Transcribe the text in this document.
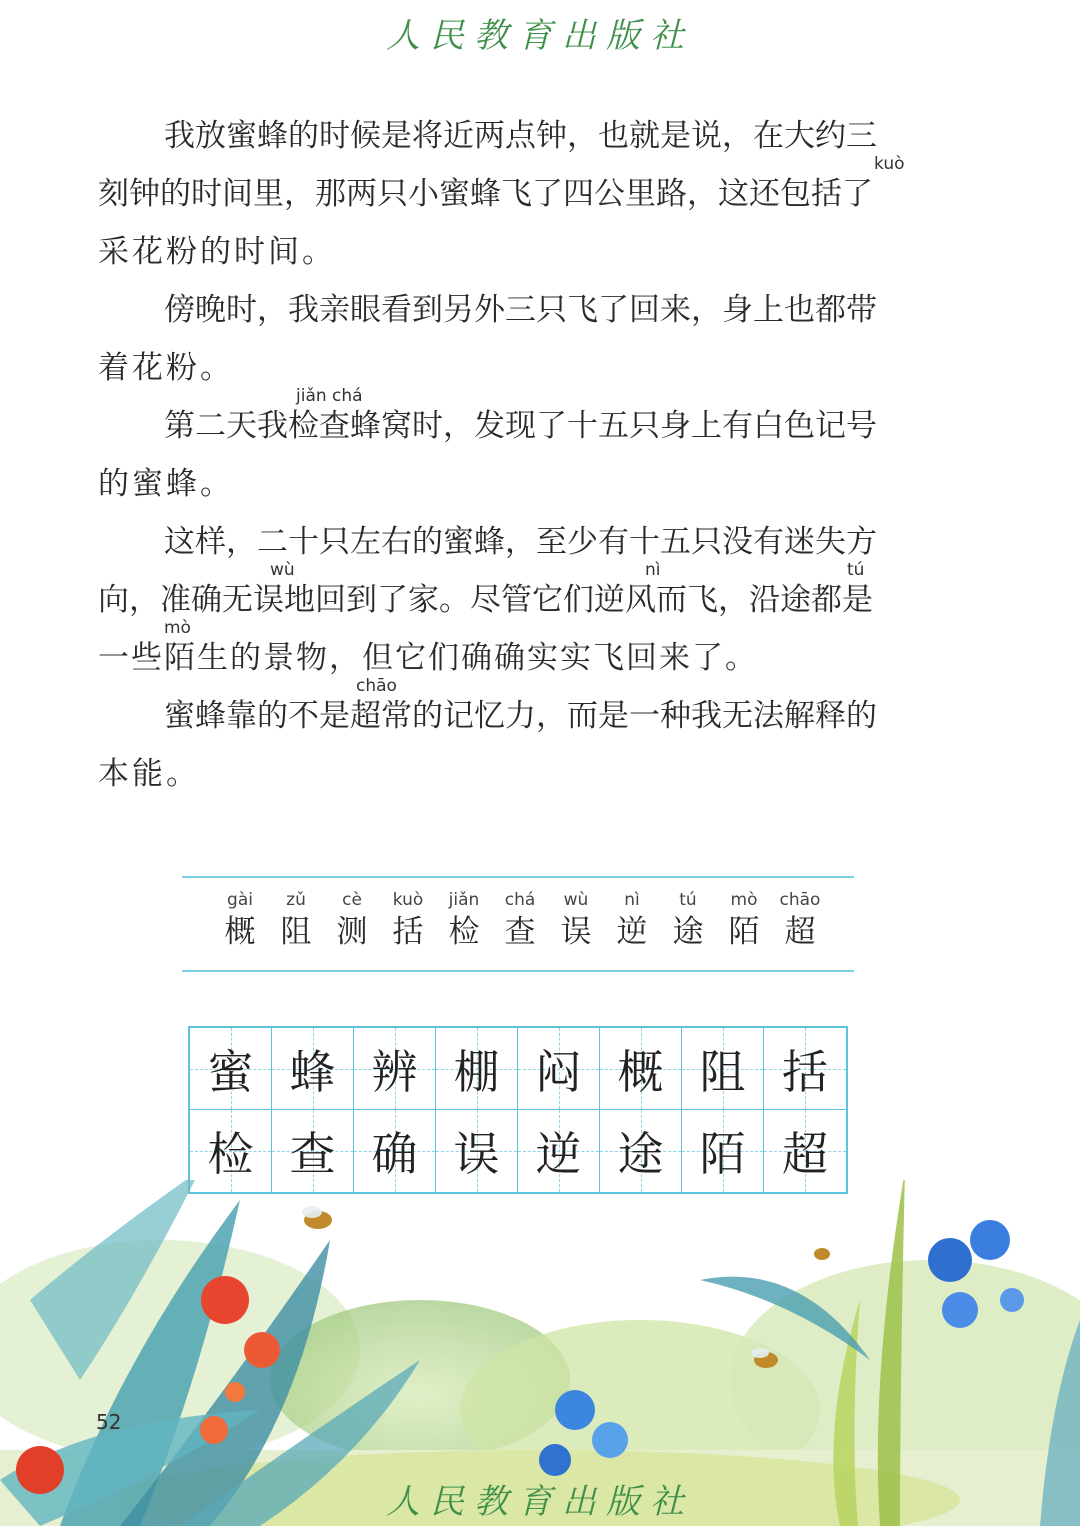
人民教育出版社
我放蜜蜂的时候是将近两点钟，也就是说，在大约三
kuò
刻钟的时间里，那两只小蜜蜂飞了四公里路，这还包括了
采花粉的时间。
傍晚时，我亲眼看到另外三只飞了回来，身上也都带
着花粉。
jiǎn chá
第二天我检查蜂窝时，发现了十五只身上有白色记号
的蜜蜂。
这样，二十只左右的蜜蜂，至少有十五只没有迷失方
wù	nì	tú
向，准确无误地回到了家。尽管它们逆风而飞，沿途都是
mò
一些陌生的景物，但它们确确实实飞回来了。
chāo
蜜蜂靠的不是超常的记忆力，而是一种我无法解释的
本能。
gài
概
zǔ
阻
cè
测
kuò
括
jiǎn
检
chá
查
wù
误
nì
逆
tú
途
mò
陌
chāo
超
蜜 蜂 辨 棚 闷 概 阻 括
检 查 确 误 逆 途 陌 超
52
人民教育出版社
